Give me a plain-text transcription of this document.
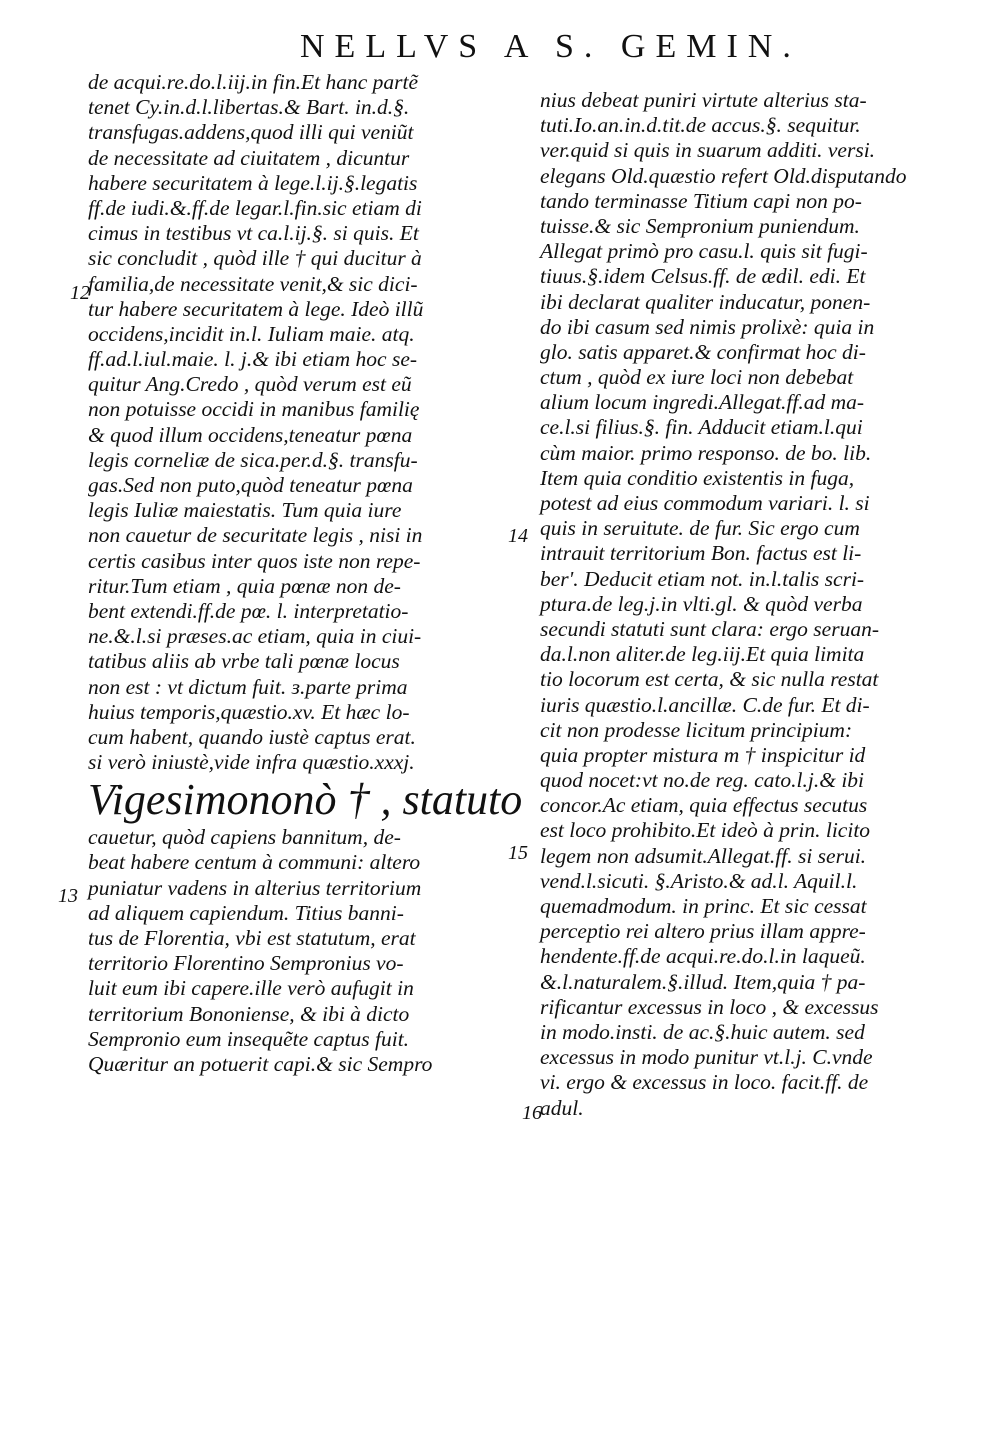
NELLVS A S. GEMIN.
12
14
15
13
16
de acqui.re.do.l.iij.in fin.Et hanc partẽ
tenet Cy.in.d.l.libertas.& Bart. in.d.§.
transfugas.addens,quod illi qui veniũt
de necessitate ad ciuitatem , dicuntur
habere securitatem à lege.l.ij.§.legatis
ff.de iudi.&.ff.de legar.l.fin.sic etiam di
cimus in testibus vt ca.l.ij.§. si quis. Et
sic concludit , quòd ille † qui ducitur à
familia,de necessitate venit,& sic dici-
tur habere securitatem à lege. Ideò illũ
occidens,incidit in.l. Iuliam maie. atq.
ff.ad.l.iul.maie. l. j.& ibi etiam hoc se-
quitur Ang.Credo , quòd verum est eũ
non potuisse occidi in manibus familię
& quod illum occidens,teneatur pœna
legis corneliæ de sica.per.d.§. transfu-
gas.Sed non puto,quòd teneatur pœna
legis Iuliæ maiestatis. Tum quia iure
non cauetur de securitate legis , nisi in
certis casibus inter quos iste non repe-
ritur.Tum etiam , quia pœnæ non de-
bent extendi.ff.de pœ. l. interpretatio-
ne.&.l.si præses.ac etiam, quia in ciui-
tatibus aliis ab vrbe tali pœnæ locus
non est : vt dictum fuit. ɜ.parte prima
huius temporis,quæstio.xv. Et hæc lo-
cum habent, quando iustè captus erat.
si verò iniustè,vide infra quæstio.xxxj.
Vigesimononò † , statuto
cauetur, quòd capiens bannitum, de-
beat habere centum à communi: altero
puniatur vadens in alterius territorium
ad aliquem capiendum. Titius banni-
tus de Florentia, vbi est statutum, erat
territorio Florentino Sempronius vo-
luit eum ibi capere.ille verò aufugit in
territorium Bononiense, & ibi à dicto
Sempronio eum insequẽte captus fuit.
Quæritur an potuerit capi.& sic Sempro
nius debeat puniri virtute alterius sta-
tuti.Io.an.in.d.tit.de accus.§. sequitur.
ver.quid si quis in suarum additi. versi.
elegans Old.quæstio refert Old.disputando
tando terminasse Titium capi non po-
tuisse.& sic Sempronium puniendum.
Allegat primò pro casu.l. quis sit fugi-
tiuus.§.idem Celsus.ff. de ædil. edi. Et
ibi declarat qualiter inducatur, ponen-
do ibi casum sed nimis prolixè: quia in
glo. satis apparet.& confirmat hoc di-
ctum , quòd ex iure loci non debebat
alium locum ingredi.Allegat.ff.ad ma-
ce.l.si filius.§. fin. Adducit etiam.l.qui
cùm maior. primo responso. de bo. lib.
Item quia conditio existentis in fuga,
potest ad eius commodum variari. l. si
quis in seruitute. de fur. Sic ergo cum
intrauit territorium Bon. factus est li-
ber'. Deducit etiam not. in.l.talis scri-
ptura.de leg.j.in vlti.gl. & quòd verba
secundi statuti sunt clara: ergo seruan-
da.l.non aliter.de leg.iij.Et quia limita
tio locorum est certa, & sic nulla restat
iuris quæstio.l.ancillæ. C.de fur. Et di-
cit non prodesse licitum principium:
quia propter mistura m † inspicitur id
quod nocet:vt no.de reg. cato.l.j.& ibi
concor.Ac etiam, quia effectus secutus
est loco prohibito.Et ideò à prin. licito
legem non adsumit.Allegat.ff. si serui.
vend.l.sicuti. §.Aristo.& ad.l. Aquil.l.
quemadmodum. in princ. Et sic cessat
perceptio rei altero prius illam appre-
hendente.ff.de acqui.re.do.l.in laqueũ.
&.l.naturalem.§.illud. Item,quia † pa-
rificantur excessus in loco , & excessus
in modo.insti. de ac.§.huic autem. sed
excessus in modo punitur vt.l.j. C.vnde
vi. ergo & excessus in loco. facit.ff. de
adul.
